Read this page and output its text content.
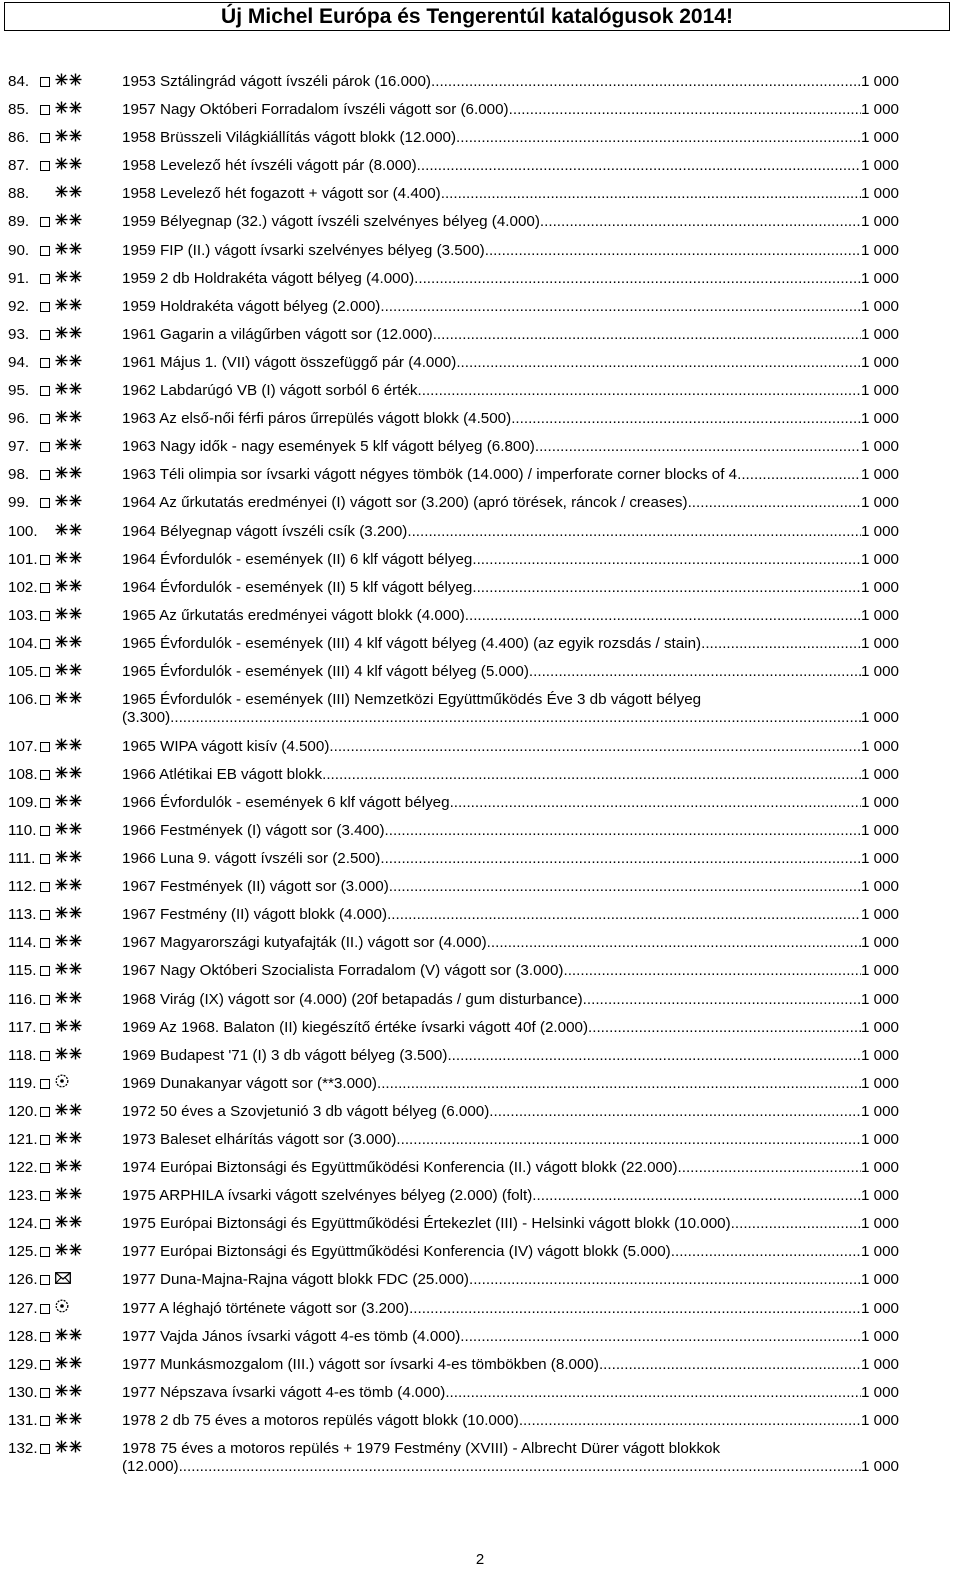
Új Michel Európa és Tengerentúl katalógusok 2014!
84.	1953 Sztálingrád vágott ívszéli párok (16.000) .....	1 000
85.	1957 Nagy Októberi Forradalom ívszéli vágott sor (6.000) .....	1 000
86.	1958 Brüsszeli Világkiállítás vágott blokk (12.000) .....	1 000
87.	1958 Levelező hét ívszéli vágott pár (8.000) .....	1 000
88.	1958 Levelező hét fogazott + vágott sor (4.400) .....	1 000
89.	1959 Bélyegnap (32.) vágott ívszéli szelvényes bélyeg (4.000) .....	1 000
90.	1959 FIP (II.) vágott ívsarki szelvényes bélyeg (3.500) .....	1 000
91.	1959 2 db Holdrakéta vágott bélyeg (4.000) .....	1 000
92.	1959 Holdrakéta vágott bélyeg (2.000) .....	1 000
93.	1961 Gagarin a világűrben vágott sor (12.000) .....	1 000
94.	1961 Május 1. (VII) vágott összefüggő pár (4.000) .....	1 000
95.	1962 Labdarúgó VB (I) vágott sorból 6 érték .....	1 000
96.	1963 Az első-női férfi páros űrrepülés vágott blokk (4.500) .....	1 000
97.	1963 Nagy idők - nagy események 5 klf vágott bélyeg (6.800) .....	1 000
98.	1963 Téli olimpia sor ívsarki vágott négyes tömbök (14.000) / imperforate corner blocks of 4 .....	1 000
99.	1964 Az űrkutatás eredményei (I) vágott sor (3.200) (apró törések, ráncok / creases) .....	1 000
100.	1964 Bélyegnap vágott ívszéli csík (3.200) .....	1 000
101.	1964 Évfordulók - események (II) 6 klf vágott bélyeg .....	1 000
102.	1964 Évfordulók - események (II) 5 klf vágott bélyeg .....	1 000
103.	1965 Az űrkutatás eredményei vágott blokk (4.000) .....	1 000
104.	1965 Évfordulók - események (III) 4 klf vágott bélyeg (4.400) (az egyik rozsdás / stain) .....	1 000
105.	1965 Évfordulók - események (III) 4 klf vágott bélyeg (5.000) .....	1 000
106.	1965 Évfordulók - események (III) Nemzetközi Együttműködés Éve 3 db vágott bélyeg
(3.300) .....	1 000
107.	1965 WIPA vágott kisív (4.500) .....	1 000
108.	1966 Atlétikai EB vágott blokk .....	1 000
109.	1966 Évfordulók - események 6 klf vágott bélyeg .....	1 000
110.	1966 Festmények (I) vágott sor (3.400) .....	1 000
111.	1966 Luna 9. vágott ívszéli sor (2.500) .....	1 000
112.	1967 Festmények (II) vágott sor (3.000) .....	1 000
113.	1967 Festmény (II) vágott blokk (4.000) .....	1 000
114.	1967 Magyarországi kutyafajták (II.) vágott sor (4.000) .....	1 000
115.	1967 Nagy Októberi Szocialista Forradalom (V) vágott sor (3.000) .....	1 000
116.	1968 Virág (IX) vágott sor (4.000) (20f betapadás / gum disturbance) .....	1 000
117.	1969 Az 1968. Balaton (II) kiegészítő értéke ívsarki vágott 40f (2.000) .....	1 000
118.	1969 Budapest '71 (I) 3 db vágott bélyeg (3.500) .....	1 000
119.	1969 Dunakanyar vágott sor (**3.000) .....	1 000
120.	1972 50 éves a Szovjetunió 3 db vágott bélyeg (6.000) .....	1 000
121.	1973 Baleset elhárítás vágott sor (3.000) .....	1 000
122.	1974 Európai Biztonsági és Együttműködési Konferencia (II.) vágott blokk (22.000) .....	1 000
123.	1975 ARPHILA ívsarki vágott szelvényes bélyeg (2.000) (folt) .....	1 000
124.	1975 Európai Biztonsági és Együttműködési Értekezlet (III) - Helsinki vágott blokk (10.000) .....	1 000
125.	1977 Európai Biztonsági és Együttműködési Konferencia (IV) vágott blokk (5.000) .....	1 000
126.	1977 Duna-Majna-Rajna vágott blokk FDC (25.000) .....	1 000
127.	1977 A léghajó története vágott sor (3.200) .....	1 000
128.	1977 Vajda János ívsarki vágott 4-es tömb (4.000) .....	1 000
129.	1977 Munkásmozgalom (III.) vágott sor ívsarki 4-es tömbökben (8.000) .....	1 000
130.	1977 Népszava ívsarki vágott 4-es tömb (4.000) .....	1 000
131.	1978 2 db 75 éves a motoros repülés vágott blokk (10.000) .....	1 000
132.	1978 75 éves a motoros repülés + 1979 Festmény (XVIII) - Albrecht Dürer vágott blokkok
(12.000) .....	1 000
2
